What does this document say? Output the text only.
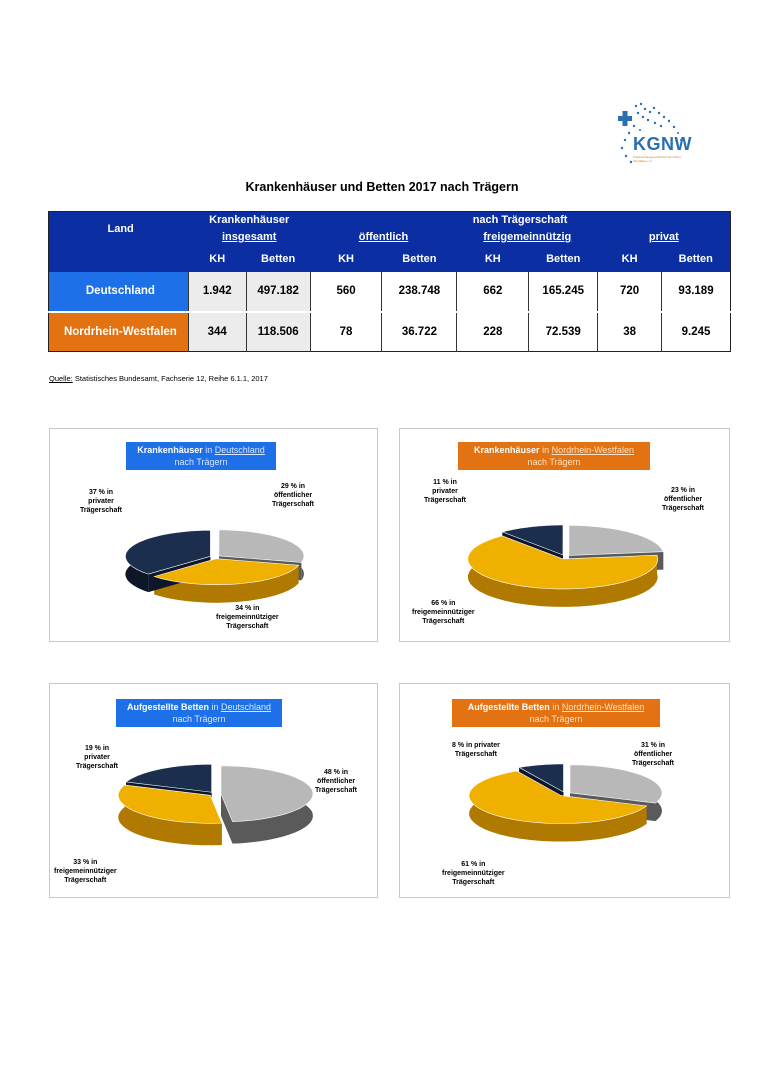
KGNW
Krankenhausgesellschaft Nordrhein-Westfalen e.V.
Krankenhäuser und Betten 2017 nach Trägern
Land	Krankenhäuser		nach Trägerschaft					
	insgesamt		öffentlich		freigemeinnützig		privat	
	KH	Betten	KH	Betten	KH	Betten	KH	Betten
Deutschland	1.942	497.182	560	238.748	662	165.245	720	93.189
Nordrhein-Westfalen	344	118.506	78	36.722	228	72.539	38	9.245
Quelle: Statistisches Bundesamt, Fachserie 12, Reihe 6.1.1, 2017
Krankenhäuser in Deutschland
nach Trägern
29 % in
öffentlicher
Trägerschaft
37 % in
privater
Trägerschaft
34 % in
freigemeinnütziger
Trägerschaft
Krankenhäuser in Nordrhein-Westfalen
nach Trägern
11 % in
privater
Trägerschaft
23 % in
öffentlicher
Trägerschaft
66 % in
freigemeinnütziger
Trägerschaft
Aufgestellte Betten in Deutschland
nach Trägern
19 % in
privater
Trägerschaft
48 % in
öffentlicher
Trägerschaft
33 % in
freigemeinnütziger
Trägerschaft
Aufgestellte Betten in Nordrhein-Westfalen
nach Trägern
8 % in privater
Trägerschaft
31 % in
öffentlicher
Trägerschaft
61 % in
freigemeinnütziger
Trägerschaft
